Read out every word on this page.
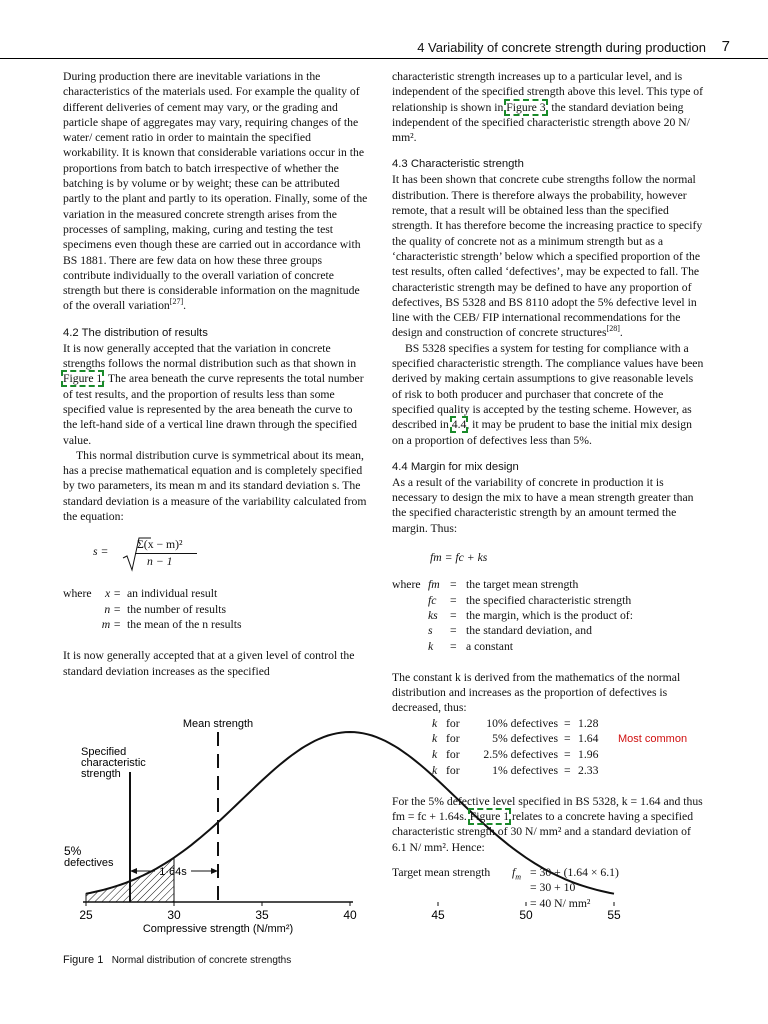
4 Variability of concrete strength during production 7

During production there are inevitable variations in the characteristics of the materials used. For example the quality of different deliveries of cement may vary, or the grading and particle shape of aggregates may vary, requiring changes of the water/ cement ratio in order to maintain the specified workability. It is known that considerable variations occur in the proportions from batch to batch irrespective of whether the batching is by volume or by weight; these can be attributed partly to the plant and partly to its operation. Finally, some of the variation in the measured concrete strength arises from the processes of sampling, making, curing and testing the test specimens even though these are carried out in accordance with BS 1881. There are few data on how these three groups contribute individually to the overall variation of concrete strength but there is considerable information on the magnitude of the overall variation[27].

4.2 The distribution of results

It is now generally accepted that the variation in concrete strengths follows the normal distribution such as that shown in Figure 1. The area beneath the curve represents the total number of test results, and the proportion of results less than some specified value is represented by the area beneath the curve to the left-hand side of a vertical line drawn through the specified value.

This normal distribution curve is symmetrical about its mean, has a precise mathematical equation and is completely specified by two parameters, its mean m and its standard deviation s. The standard deviation is a measure of the variability calculated from the equation:

s =
Σ(x − m)²
n − 1
where	x =	an individual result
	n =	the number of results
	m =	the mean of the n results

It is now generally accepted that at a given level of control the standard deviation increases as the specified

25	30	35	40	45	50	55
Mean strength
Specified
characteristic
strength
5%
defectives
1·64s
Compressive strength (N/mm²)
Figure 1 Normal distribution of concrete strengths

characteristic strength increases up to a particular level, and is independent of the specified strength above this level. This type of relationship is shown in Figure 3, the standard deviation being independent of the specified characteristic strength above 20 N/ mm².

4.3 Characteristic strength

It has been shown that concrete cube strengths follow the normal distribution. There is therefore always the probability, however remote, that a result will be obtained less than the specified strength. It has therefore become the increasing practice to specify the quality of concrete not as a minimum strength but as a ‘characteristic strength’ below which a specified proportion of the test results, often called ‘defectives’, may be expected to fall. The characteristic strength may be defined to have any proportion of defectives, BS 5328 and BS 8110 adopt the 5% defective level in line with the CEB/ FIP international recommendations for the design and construction of concrete structures[28].

BS 5328 specifies a system for testing for compliance with a specified characteristic strength. The compliance values have been derived by making certain assumptions to give reasonable levels of risk to both producer and purchaser that concrete of the specified quality is accepted by the testing scheme. However, as described in 4.4, it may be prudent to base the initial mix design on a proportion of defectives less than 5%.

4.4 Margin for mix design

As a result of the variability of concrete in production it is necessary to design the mix to have a mean strength greater than the specified characteristic strength by an amount termed the margin. Thus:

fm = fc + ks
where	fm	=	the target mean strength
	fc	=	the specified characteristic strength
	ks	=	the margin, which is the product of:
	s	=	the standard deviation, and
	k	=	a constant

The constant k is derived from the mathematics of the normal distribution and increases as the proportion of defectives is decreased, thus:

k	for	10% defectives	=	1.28	
k	for	5% defectives	=	1.64	Most common
k	for	2.5% defectives	=	1.96	
k	for	1% defectives	=	2.33	

For the 5% defective level specified in BS 5328, k = 1.64 and thus fm = fc + 1.64s. Figure 1 relates to a concrete having a specified characteristic strength of 30 N/ mm² and a standard deviation of 6.1 N/ mm². Hence:

Target mean strength	$f_m$	= 30 + (1.64 × 6.1)
		= 30 + 10
		= 40 N/ mm²
